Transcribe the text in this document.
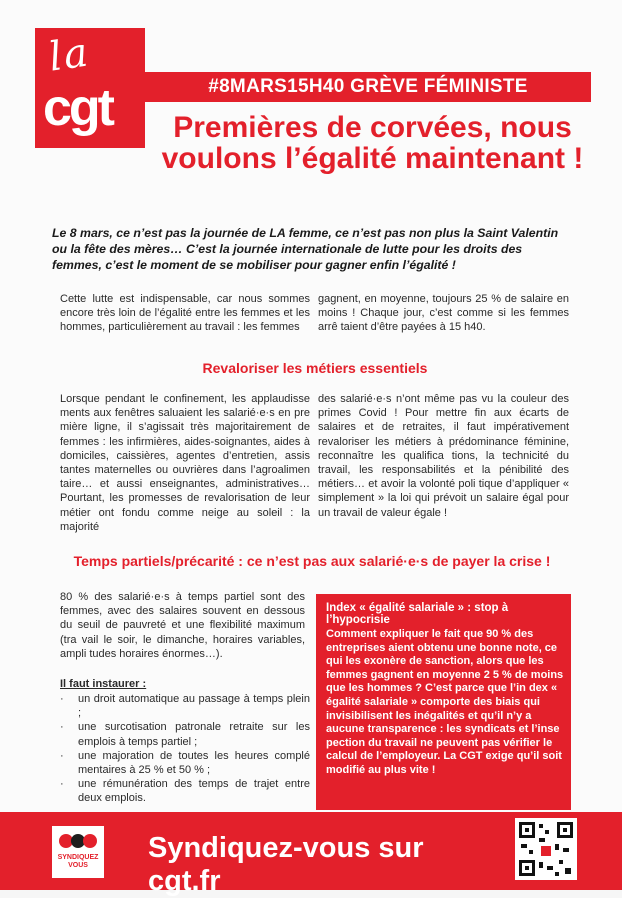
la
cgt	#8MARS15H40 GRÈVE FÉMINISTE
Premières de corvées, nous voulons l’égalité maintenant !
Le 8 mars, ce n’est pas la journée de LA femme, ce n’est pas non plus la Saint Valentin ou la fête des mères… C’est la journée internationale de lutte pour les droits des femmes, c’est le moment de se mobiliser pour gagner enfin l’égalité !
Cette lutte est indispensable, car nous sommes encore très loin de l’égalité entre les femmes et les hommes, particulièrement au travail : les femmes
gagnent, en moyenne, toujours 25 % de salaire en moins ! Chaque jour, c’est comme si les femmes arrê taient d’être payées à 15 h40.
Revaloriser les métiers essentiels
Lorsque pendant le confinement, les applaudisse ments aux fenêtres saluaient les salarié·e·s en pre mière ligne, il s’agissait très majoritairement de femmes : les infirmières, aides-soignantes, aides à domiciles, caissières, agentes d’entretien, assis tantes maternelles ou ouvrières dans l’agroalimen taire… et aussi enseignantes, administratives… Pourtant, les promesses de revalorisation de leur métier ont fondu comme neige au soleil : la majorité
des salarié·e·s n’ont même pas vu la couleur des primes Covid ! Pour mettre fin aux écarts de salaires et de retraites, il faut impérativement revaloriser les métiers à prédominance féminine, reconnaître les qualifica tions, la technicité du travail, les responsabilités et la pénibilité des métiers… et avoir la volonté poli tique d’appliquer « simplement » la loi qui prévoit un salaire égal pour un travail de valeur égale !
Temps partiels/précarité : ce n’est pas aux salarié·e·s de payer la crise !
80 % des salarié·e·s à temps partiel sont des femmes, avec des salaires souvent en dessous du seuil de pauvreté et une flexibilité maximum (tra vail le soir, le dimanche, horaires variables, ampli tudes horaires énormes…).
Il faut instaurer :
· un droit automatique au passage à temps plein ;
· une surcotisation patronale retraite sur les emplois à temps partiel ;
· une majoration de toutes les heures complé mentaires à 25 % et 50 % ;
· une rémunération des temps de trajet entre deux emplois.
Index « égalité salariale » : stop à l’hypocrisie
Comment expliquer le fait que 90 % des entreprises aient obtenu une bonne note, ce qui les exonère de sanction, alors que les femmes gagnent en moyenne 2 5 % de moins que les hommes ? C’est parce que l’in dex « égalité salariale » comporte des biais qui invisibilisent les inégalités et qu’il n’y a aucune transparence : les syndicats et l’inse pection du travail ne peuvent pas vérifier le calcul de l’employeur. La CGT exige qu’il soit modifié au plus vite !
SYNDIQUEZ VOUS
Syndiquez-vous sur cgt.fr
